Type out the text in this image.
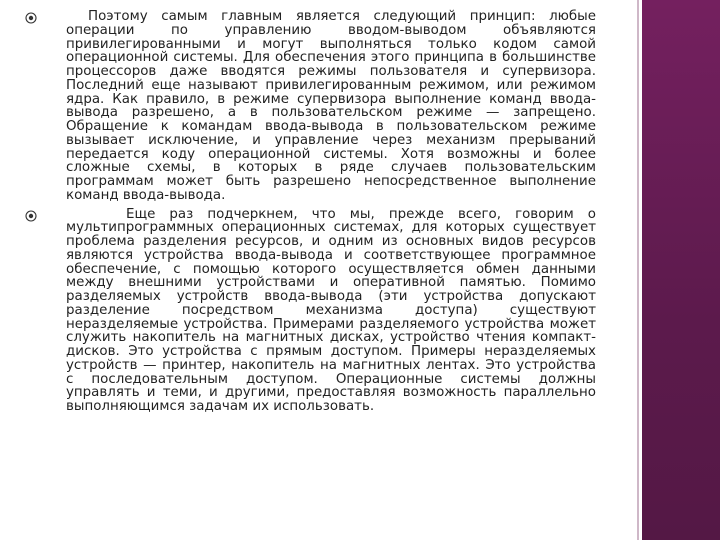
Поэтому самым главным является следующий принцип: любые операции по управлению вводом-выводом объявляются привилегированными и могут выполняться только кодом самой операционной системы. Для обеспечения этого принципа в большинстве процессоров даже вводятся режимы пользователя и супервизора. Последний еще называют привилегированным режимом, или режимом ядра. Как правило, в режиме супервизора выполнение команд ввода-вывода разрешено, а в пользовательском режиме — запрещено. Обращение к командам ввода-вывода в пользовательском режиме вызывает исключение, и управление через механизм прерываний передается коду операционной системы. Хотя возможны и более сложные схемы, в которых в ряде случаев пользовательским программам может быть разрешено непосредственное выполнение команд ввода-вывода.
Еще раз подчеркнем, что мы, прежде всего, говорим о мультипрограммных операционных системах, для которых существует проблема разделения ресурсов, и одним из основных видов ресурсов являются устройства ввода-вывода и соответствующее программное обеспечение, с помощью которого осуществляется обмен данными между внешними устройствами и оперативной памятью. Помимо разделяемых устройств ввода-вывода (эти устройства допускают разделение посредством механизма доступа) существуют неразделяемые устройства. Примерами разделяемого устройства может служить накопитель на магнитных дисках, устройство чтения компакт-дисков. Это устройства с прямым доступом. Примеры неразделяемых устройств — принтер, накопитель на магнитных лентах. Это устройства с последовательным доступом. Операционные системы должны управлять и теми, и другими, предоставляя возможность параллельно выполняющимся задачам их использовать.
